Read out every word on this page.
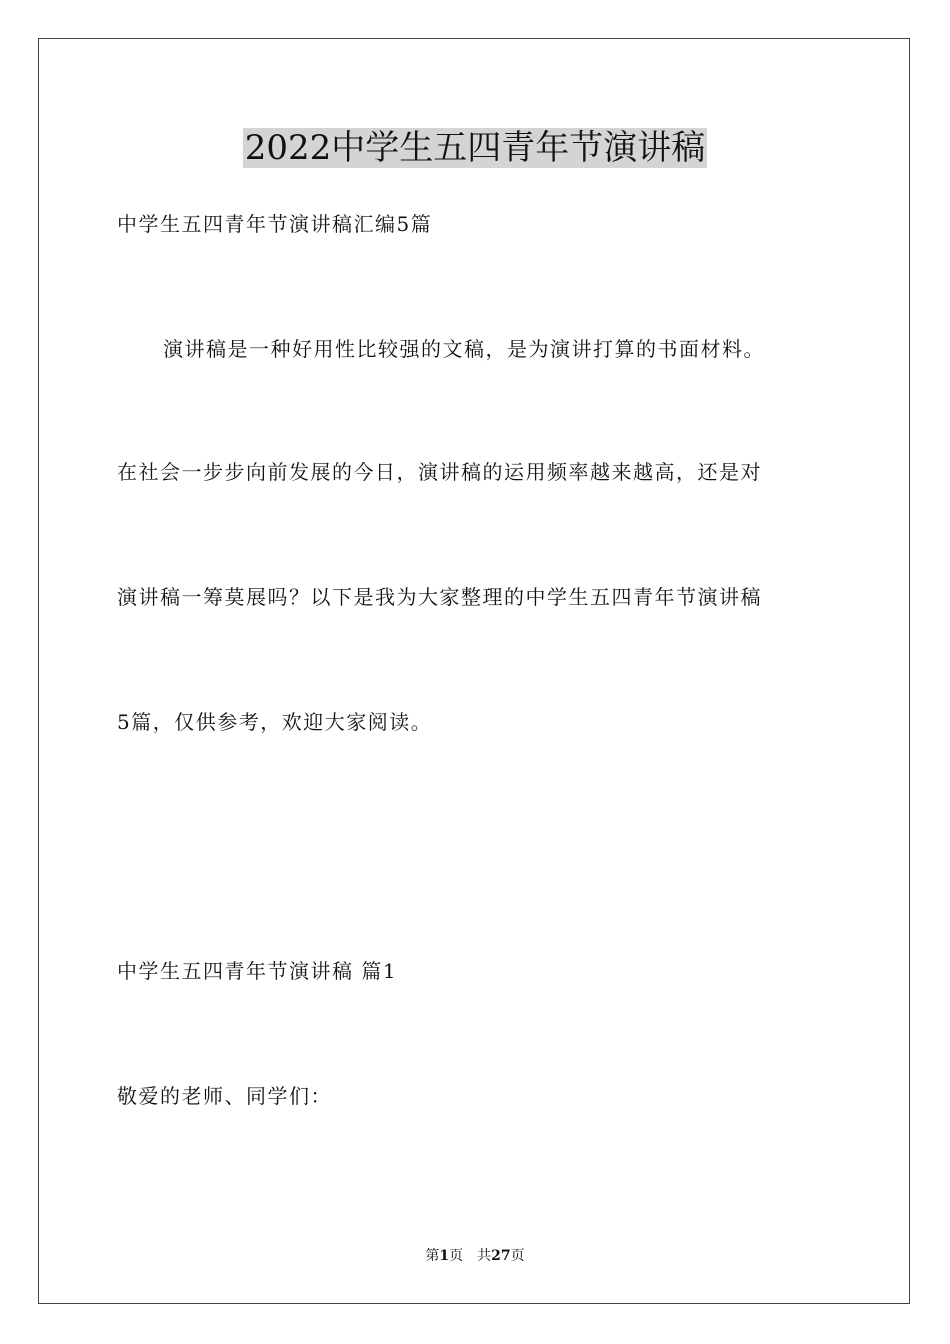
2022中学生五四青年节演讲稿
中学生五四青年节演讲稿汇编5篇
演讲稿是一种好用性比较强的文稿，是为演讲打算的书面材料。
在社会一步步向前发展的今日，演讲稿的运用频率越来越高，还是对
演讲稿一筹莫展吗？以下是我为大家整理的中学生五四青年节演讲稿
5篇，仅供参考，欢迎大家阅读。
中学生五四青年节演讲稿 篇1
敬爱的老师、同学们：
第1页 共27页
